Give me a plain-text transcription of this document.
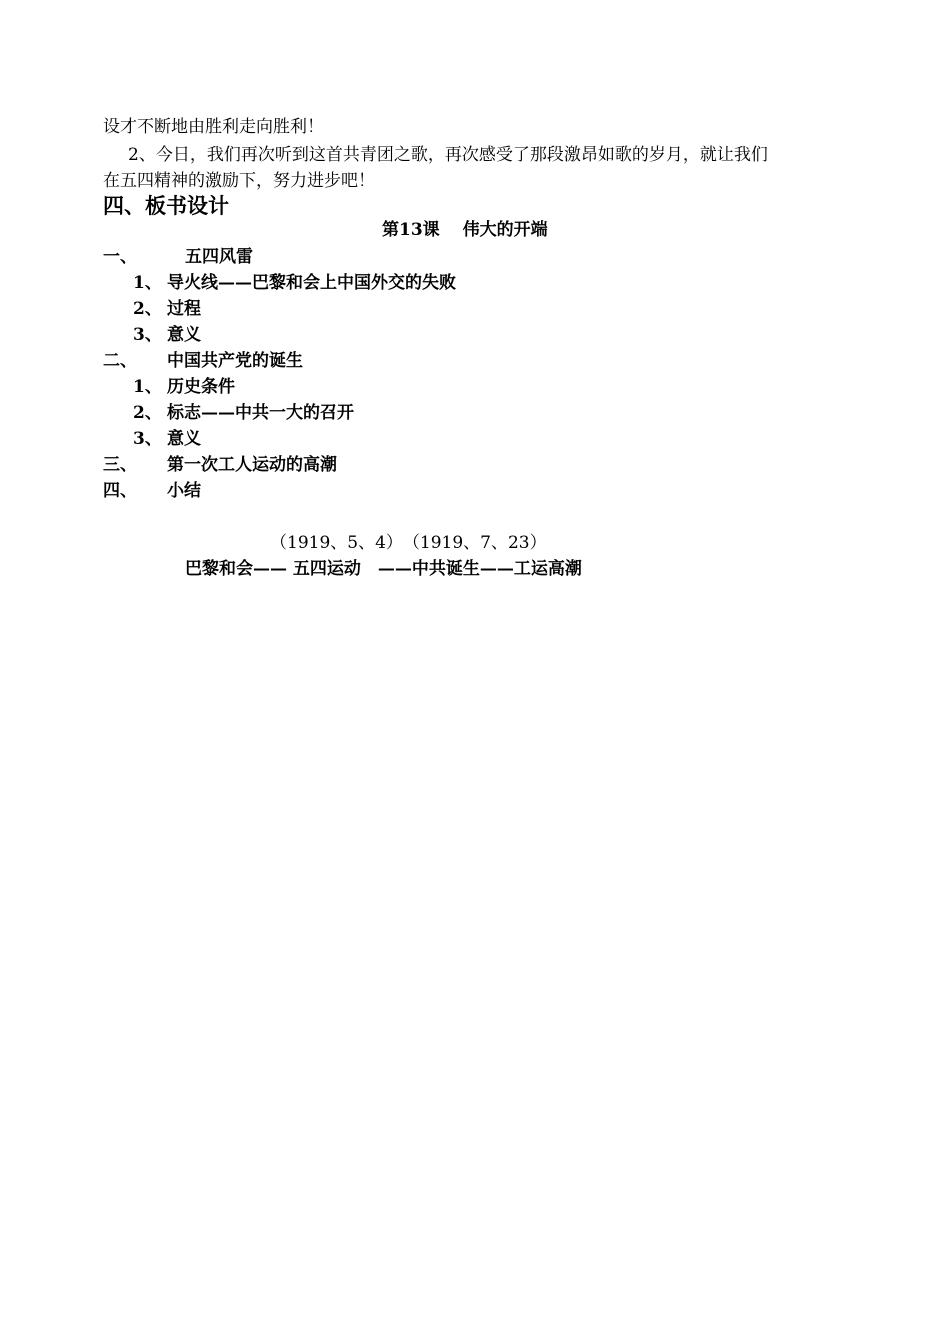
设才不断地由胜利走向胜利！
2、今日，我们再次听到这首共青团之歌，再次感受了那段激昂如歌的岁月，就让我们
在五四精神的激励下，努力进步吧！
四、板书设计
第13课　 伟大的开端
一、	五四风雷
1、 导火线——巴黎和会上中国外交的失败
2、 过程
3、 意义
二、 中国共产党的诞生
1、 历史条件
2、 标志——中共一大的召开
3、 意义
三、 第一次工人运动的高潮
四、 小结
（1919、5、4）　（1919、7、23）
巴黎和会—— 五四运动　——中共诞生——工运高潮
